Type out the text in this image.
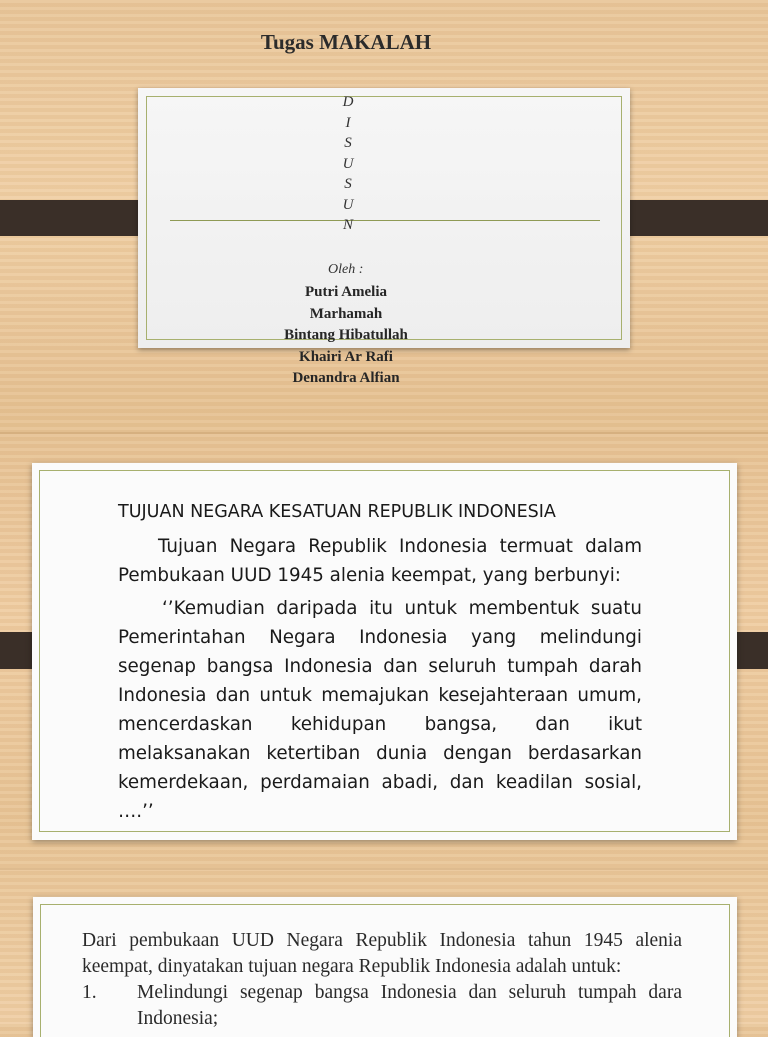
Tugas MAKALAH
D
I
S
U
S
U
N
Oleh :
Putri Amelia
Marhamah
Bintang Hibatullah
Khairi Ar Rafi
Denandra Alfian

TUJUAN NEGARA KESATUAN REPUBLIK INDONESIA

Tujuan Negara Republik Indonesia termuat dalam Pembukaan UUD 1945 alenia keempat, yang berbunyi:

‘’Kemudian daripada itu untuk membentuk suatu Pemerintahan Negara Indonesia yang melindungi segenap bangsa Indonesia dan seluruh tumpah darah Indonesia dan untuk memajukan kesejahteraan umum, mencerdaskan kehidupan bangsa, dan ikut melaksanakan ketertiban dunia dengan berdasarkan kemerdekaan, perdamaian abadi, dan keadilan sosial, ….’’

Dari pembukaan UUD Negara Republik Indonesia tahun 1945 alenia keempat, dinyatakan tujuan negara Republik Indonesia adalah untuk:

1.	Melindungi segenap bangsa Indonesia dan seluruh tumpah dara Indonesia;
